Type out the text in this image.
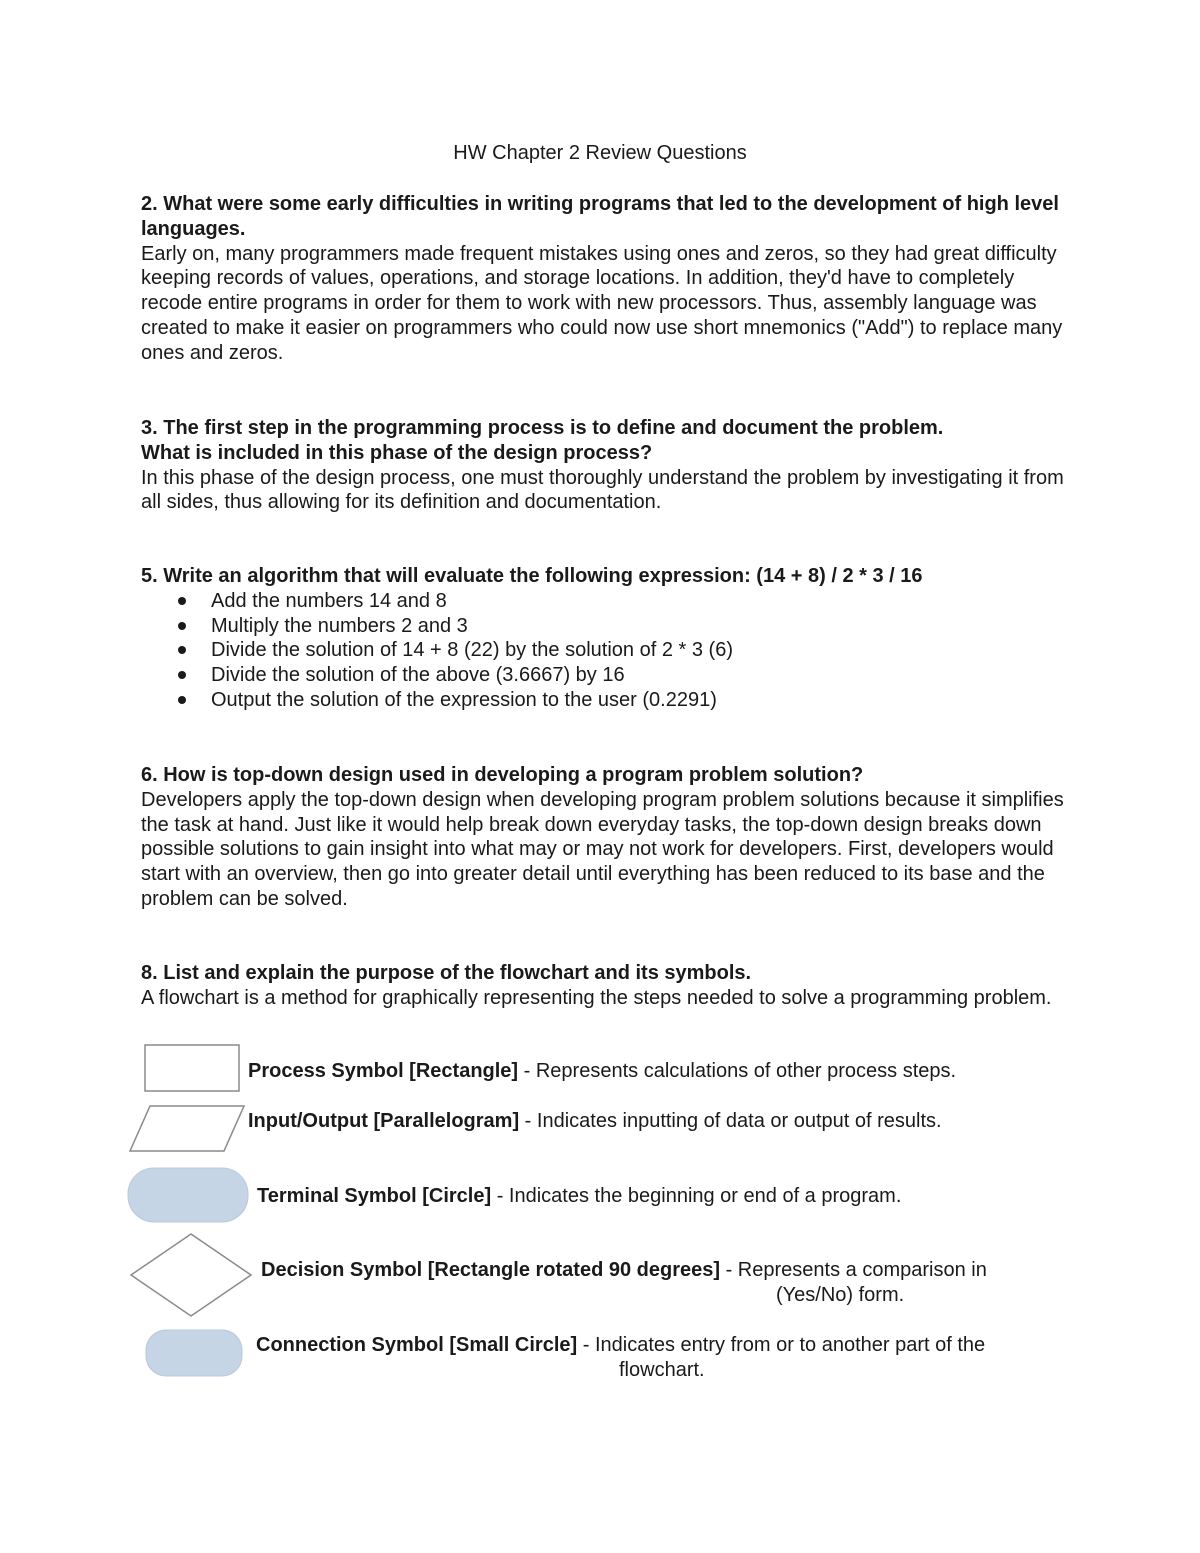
HW Chapter 2 Review Questions

2. What were some early difficulties in writing programs that led to the development of high level languages.

Early on, many programmers made frequent mistakes using ones and zeros, so they had great difficulty keeping records of values, operations, and storage locations. In addition, they'd have to completely recode entire programs in order for them to work with new processors. Thus, assembly language was created to make it easier on programmers who could now use short mnemonics ("Add") to replace many ones and zeros.

3. The first step in the programming process is to define and document the problem.

What is included in this phase of the design process?

In this phase of the design process, one must thoroughly understand the problem by investigating it from all sides, thus allowing for its definition and documentation.

5. Write an algorithm that will evaluate the following expression: (14 + 8) / 2 * 3 / 16

Add the numbers 14 and 8
Multiply the numbers 2 and 3
Divide the solution of 14 + 8 (22) by the solution of 2 * 3 (6)
Divide the solution of the above (3.6667) by 16
Output the solution of the expression to the user (0.2291)

6. How is top-down design used in developing a program problem solution?

Developers apply the top-down design when developing program problem solutions because it simplifies the task at hand. Just like it would help break down everyday tasks, the top-down design breaks down possible solutions to gain insight into what may or may not work for developers. First, developers would start with an overview, then go into greater detail until everything has been reduced to its base and the problem can be solved.

8. List and explain the purpose of the flowchart and its symbols.

A flowchart is a method for graphically representing the steps needed to solve a programming problem.

Process Symbol [Rectangle] - Represents calculations of other process steps.
Input/Output [Parallelogram] - Indicates inputting of data or output of results.
Terminal Symbol [Circle] - Indicates the beginning or end of a program.
Decision Symbol [Rectangle rotated 90 degrees] - Represents a comparison in
(Yes/No) form.
Connection Symbol [Small Circle] - Indicates entry from or to another part of the
flowchart.
